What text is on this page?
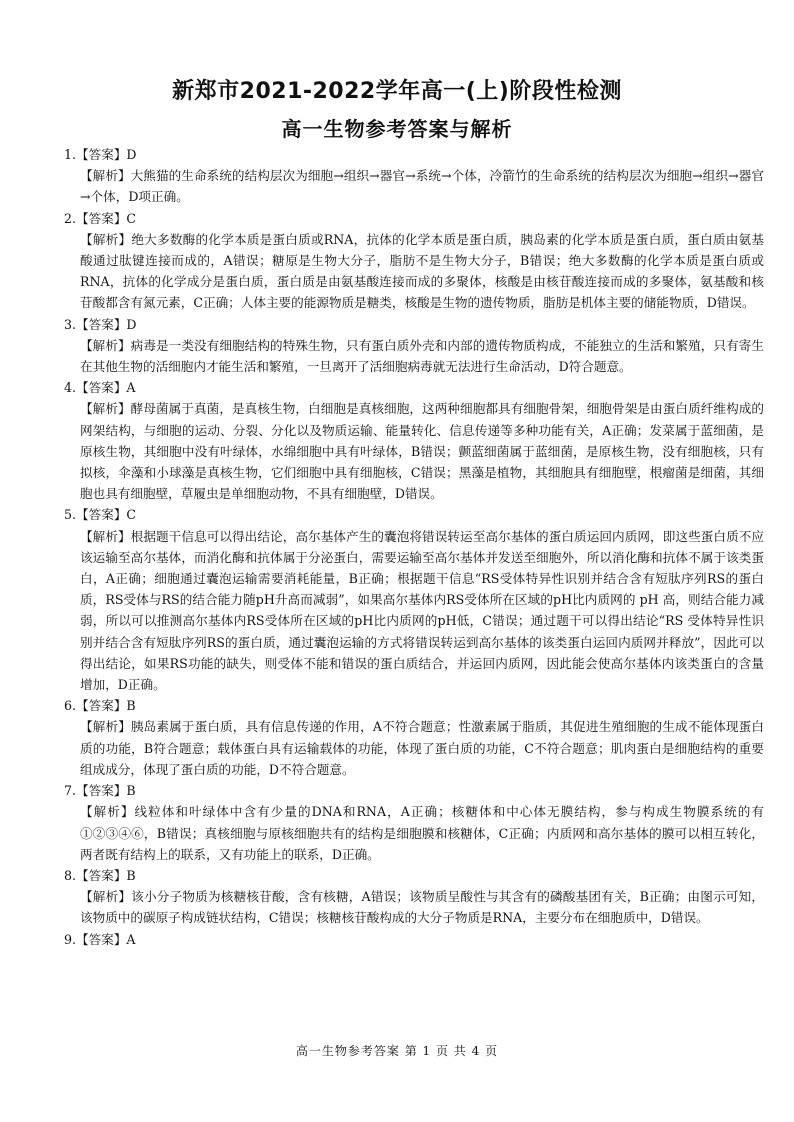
新郑市2021-2022学年高一(上)阶段性检测
高一生物参考答案与解析

1.【答案】D

【解析】大熊猫的生命系统的结构层次为细胞→组织→器官→系统→个体，冷箭竹的生命系统的结构层次为细胞→组织→器官→个体，D项正确。

2.【答案】C

【解析】绝大多数酶的化学本质是蛋白质或RNA，抗体的化学本质是蛋白质，胰岛素的化学本质是蛋白质，蛋白质由氨基酸通过肽键连接而成的，A错误；糖原是生物大分子，脂肪不是生物大分子，B错误；绝大多数酶的化学本质是蛋白质或RNA，抗体的化学成分是蛋白质，蛋白质是由氨基酸连接而成的多聚体，核酸是由核苷酸连接而成的多聚体，氨基酸和核苷酸都含有氮元素，C正确；人体主要的能源物质是糖类，核酸是生物的遗传物质，脂肪是机体主要的储能物质，D错误。

3.【答案】D

【解析】病毒是一类没有细胞结构的特殊生物，只有蛋白质外壳和内部的遗传物质构成，不能独立的生活和繁殖，只有寄生在其他生物的活细胞内才能生活和繁殖，一旦离开了活细胞病毒就无法进行生命活动，D符合题意。

4.【答案】A

【解析】酵母菌属于真菌，是真核生物，白细胞是真核细胞，这两种细胞都具有细胞骨架，细胞骨架是由蛋白质纤维构成的网架结构，与细胞的运动、分裂、分化以及物质运输、能量转化、信息传递等多种功能有关，A正确；发菜属于蓝细菌，是原核生物，其细胞中没有叶绿体，水绵细胞中具有叶绿体，B错误；颤蓝细菌属于蓝细菌，是原核生物，没有细胞核，只有拟核，伞藻和小球藻是真核生物，它们细胞中具有细胞核，C错误；黑藻是植物，其细胞具有细胞壁，根瘤菌是细菌，其细胞也具有细胞壁，草履虫是单细胞动物，不具有细胞壁，D错误。

5.【答案】C

【解析】根据题干信息可以得出结论，高尔基体产生的囊泡将错误转运至高尔基体的蛋白质运回内质网，即这些蛋白质不应该运输至高尔基体，而消化酶和抗体属于分泌蛋白，需要运输至高尔基体并发送至细胞外，所以消化酶和抗体不属于该类蛋白，A正确；细胞通过囊泡运输需要消耗能量，B正确；根据题干信息“RS受体特异性识别并结合含有短肽序列RS的蛋白质，RS受体与RS的结合能力随pH升高而减弱”，如果高尔基体内RS受体所在区域的pH比内质网的 pH 高，则结合能力减弱，所以可以推测高尔基体内RS受体所在区域的pH比内质网的pH低，C错误；通过题干可以得出结论“RS 受体特异性识别并结合含有短肽序列RS的蛋白质，通过囊泡运输的方式将错误转运到高尔基体的该类蛋白运回内质网并释放”，因此可以得出结论，如果RS功能的缺失，则受体不能和错误的蛋白质结合，并运回内质网，因此能会使高尔基体内该类蛋白的含量增加，D正确。

6.【答案】B

【解析】胰岛素属于蛋白质，具有信息传递的作用，A不符合题意；性激素属于脂质，其促进生殖细胞的生成不能体现蛋白质的功能，B符合题意；载体蛋白具有运输载体的功能，体现了蛋白质的功能，C不符合题意；肌肉蛋白是细胞结构的重要组成成分，体现了蛋白质的功能，D不符合题意。

7.【答案】B

【解析】线粒体和叶绿体中含有少量的DNA和RNA，A正确；核糖体和中心体无膜结构，参与构成生物膜系统的有①②③④⑥，B错误；真核细胞与原核细胞共有的结构是细胞膜和核糖体，C正确；内质网和高尔基体的膜可以相互转化，两者既有结构上的联系，又有功能上的联系，D正确。

8.【答案】B

【解析】该小分子物质为核糖核苷酸，含有核糖，A错误；该物质呈酸性与其含有的磷酸基团有关，B正确；由图示可知，该物质中的碳原子构成链状结构，C错误；核糖核苷酸构成的大分子物质是RNA，主要分布在细胞质中，D错误。

9.【答案】A

高一生物参考答案 第 1 页 共 4 页
